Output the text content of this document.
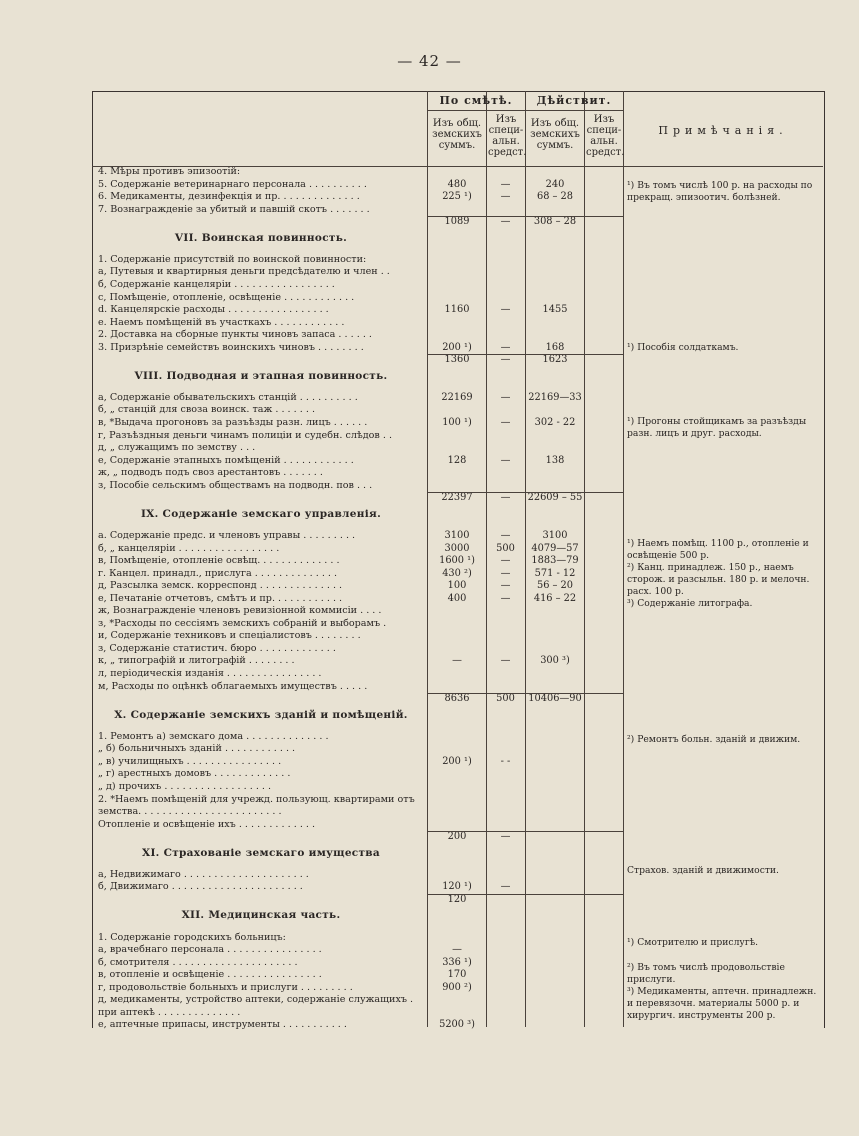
— 42 —
По смѣтѣ.	Дѣйствит.
Изъ общ. земскихъ суммъ.
Изъ специ-альн. средст.
Изъ общ. земскихъ суммъ.
Изъ специ-альн. средст.
Примѣчанія.
4. Мѣры противъ эпизоотій:
5. Содержаніе ветеринарнаго персонала . . . . . . . . . .	480	—	240
6. Медикаменты, дезинфекція и пр. . . . . . . . . . . . . .	225 ¹)	—	68 – 28
7. Вознагражденіе за убитый и павшій скотъ . . . . . . .
1089	—	308 – 28
VII. Воинская повинность.
1. Содержаніе присутствій по воинской повинности:
а, Путевыя и квартирныя деньги предсѣдателю и член . .
б, Содержаніе канцеляріи . . . . . . . . . . . . . . . . .
с, Помѣщеніе, отопленіе, освѣщеніе . . . . . . . . . . . .
d. Канцелярскіе расходы . . . . . . . . . . . . . . . . .	1160	—	1455
е. Наемъ помѣщеній въ участкахъ . . . . . . . . . . . .
2. Доставка на сборные пункты чиновъ запаса . . . . . .
3. Призрѣніе семействъ воинскихъ чиновъ . . . . . . . .	200 ¹)	—	168
1360	—	1623
VIII. Подводная и этапная повинность.
а, Содержаніе обывательскихъ станцій . . . . . . . . . .	22169	—	22169—33
б, „ станцій для своза воинск. таж . . . . . . .
в, *Выдача прогоновъ за разъѣзды разн. лицъ . . . . . .	100 ¹)	—	302 - 22
г, Разъѣздныя деньги чинамъ полиціи и судебн. слѣдов . .
д, „ служащимъ по земству . . .
е, Содержаніе этапныхъ помѣщеній . . . . . . . . . . . .	128	—	138
ж, „ подводъ подъ своз арестантовъ . . . . . . .
з, Пособіе сельскимъ обществамъ на подводн. пов . . .
22397	—	22609 – 55
IX. Содержаніе земскаго управленія.
а. Содержаніе предс. и членовъ управы . . . . . . . . .	3100	—	3100
б, „ канцеляріи . . . . . . . . . . . . . . . . .	3000	500	4079—57
в, Помѣщеніе, отопленіе освѣщ. . . . . . . . . . . . . .	1600 ¹)	—	1883—79
г. Канцел. принадл., прислуга . . . . . . . . . . . . . .	430 ²)	—	571 - 12
д, Разсылка земск. корреспонд . . . . . . . . . . . . . .	100	—	56 – 20
е, Печатаніе отчетовъ, смѣтъ и пр. . . . . . . . . . . .	400	—	416 – 22
ж, Вознагражденіе членовъ ревизіонной коммисіи . . . .
з, *Расходы по сессіямъ земскихъ собраній и выборамъ .
и, Содержаніе техниковъ и спеціалистовъ . . . . . . . .
з, Содержаніе статистич. бюро . . . . . . . . . . . . .
к, „ типографій и литографій . . . . . . . .	—	—	300 ³)
л, періодическія изданія . . . . . . . . . . . . . . . .
м, Расходы по оцѣнкѣ облагаемыхъ имуществъ . . . . .
8636	500	10406—90
X. Содержаніе земскихъ зданій и помѣщеній.
1. Ремонтъ а) земскаго дома . . . . . . . . . . . . . .
„ б) больничныхъ зданій . . . . . . . . . . . .
„ в) училищныхъ . . . . . . . . . . . . . . . .	200 ¹)	- -
„ г) арестныхъ домовъ . . . . . . . . . . . . .
„ д) прочихъ . . . . . . . . . . . . . . . . . .
2. *Наемъ помѣщеній для учрежд. пользующ. квартирами отъ
земства. . . . . . . . . . . . . . . . . . . . . . . .
Отопленіе и освѣщеніе ихъ . . . . . . . . . . . . .
200	—
XI. Страхованіе земскаго имущества
а, Недвижимаго . . . . . . . . . . . . . . . . . . . . .
б, Движимаго . . . . . . . . . . . . . . . . . . . . . .	120 ¹)	—
120
XII. Медицинская часть.
1. Содержаніе городскихъ больницъ:
а, врачебнаго персонала . . . . . . . . . . . . . . . .	—
б, смотрителя . . . . . . . . . . . . . . . . . . . . .	336 ¹)
в, отопленіе и освѣщеніе . . . . . . . . . . . . . . . .	170
г, продовольствіе больныхъ и прислуги . . . . . . . . .	900 ²)
д, медикаменты, устройство аптеки, содержаніе служащихъ .
при аптекѣ . . . . . . . . . . . . . .
е, аптечные припасы, инструменты . . . . . . . . . . .	5200 ³)
¹) Въ томъ числѣ 100 р. на расходы по прекращ. эпизоотич. болѣзней.
¹) Пособія солдаткамъ.
¹) Прогоны стойщикамъ за разъѣзды разн. лицъ и друг. расходы.
¹) Наемъ помѣщ. 1100 р., отопленіе и освѣщеніе 500 р.
²) Канц. принадлеж. 150 р., наемъ сторож. и разсыльн. 180 р. и мелочн. расх. 100 р.
³) Содержаніе литографа.
²) Ремонтъ больн. зданій и движим.
Страхов. зданій и движимости.
¹) Смотрителю и прислугѣ.
²) Въ томъ числѣ продовольствіе прислуги.
³) Медикаменты, аптечн. принадлежн. и перевязочн. материалы 5000 р. и хирургич. инструменты 200 р.
